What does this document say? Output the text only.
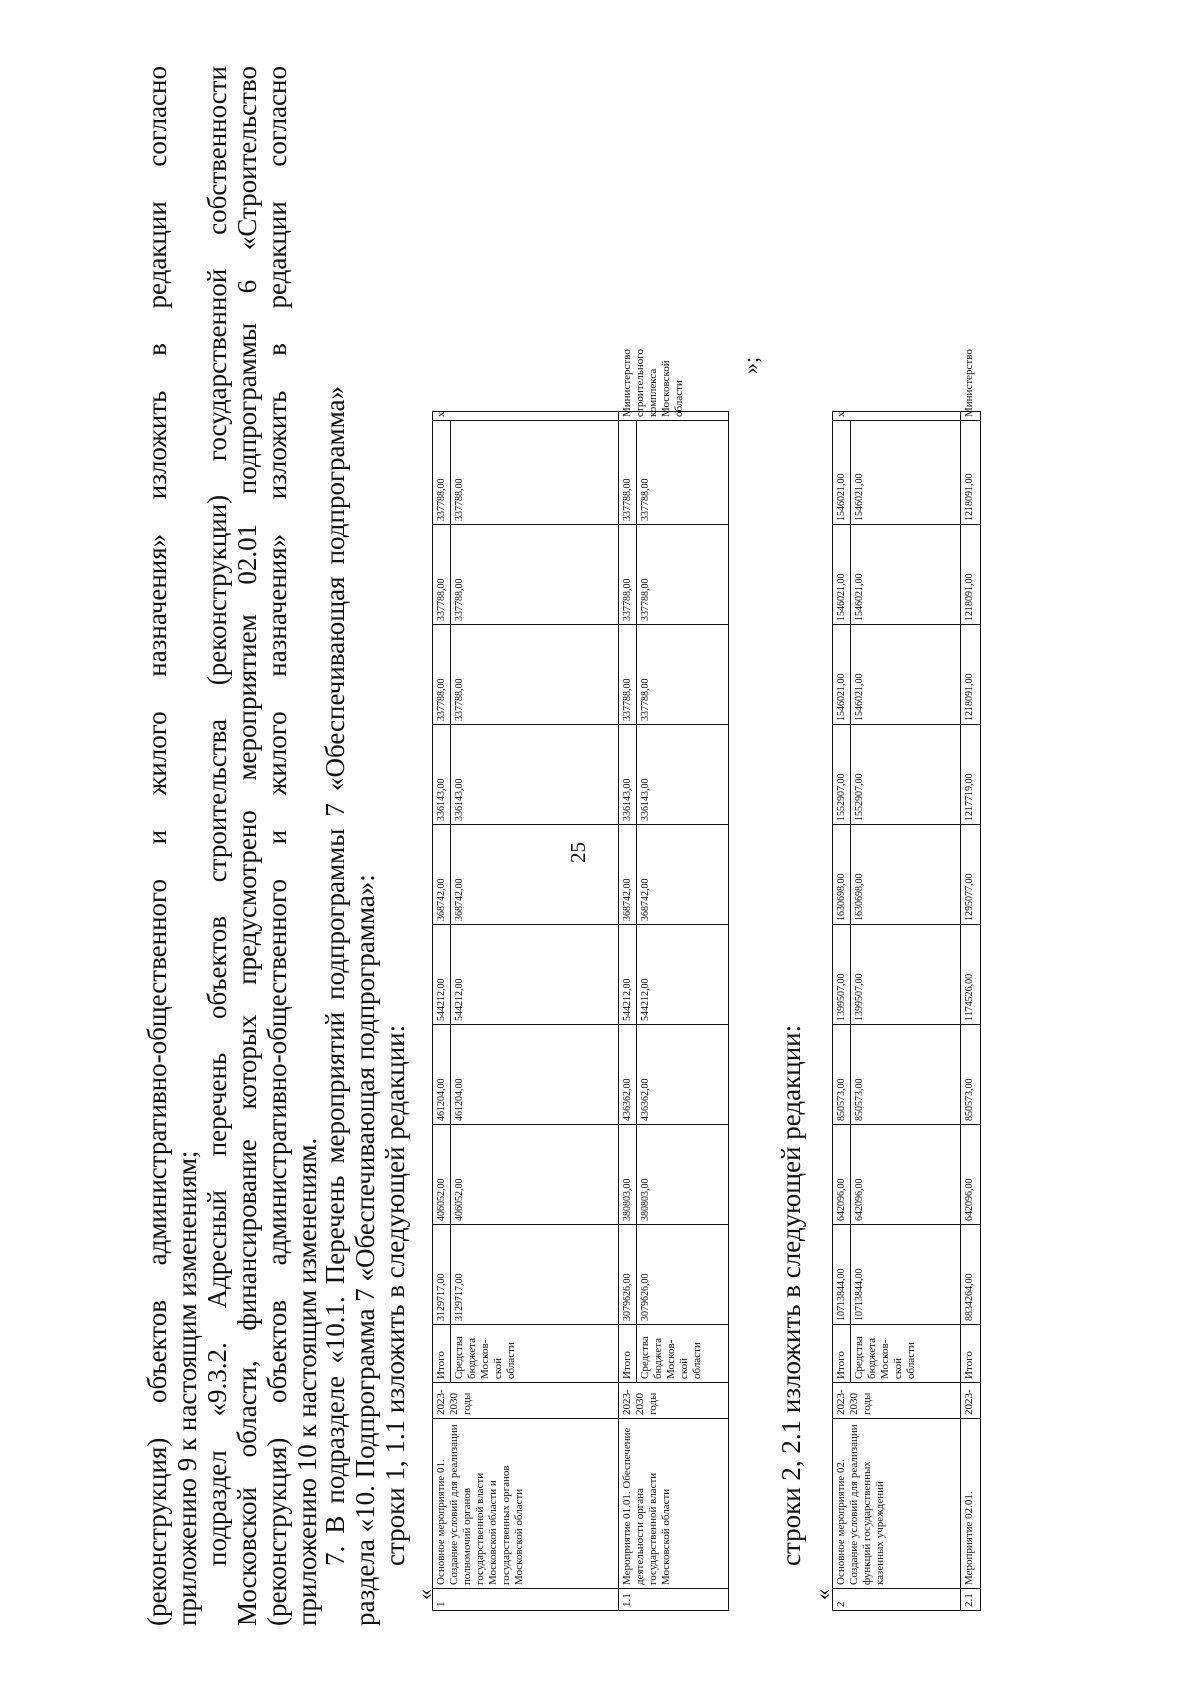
25
(реконструкция) объектов административно-общественного и жилого назначения» изложить в редакции согласно приложению 9 к настоящим изменениям; подраздел «9.3.2. Адресный перечень объектов строительства (реконструкции) государственной собственности Московской области, финансирование которых предусмотрено мероприятием 02.01 подпрограммы 6 «Строительство (реконструкция) объектов административно-общественного и жилого назначения» изложить в редакции согласно приложению 10 к настоящим изменениям.
7. В подразделе «10.1. Перечень мероприятий подпрограммы 7 «Обеспечивающая подпрограмма» раздела «10. Подпрограмма 7 «Обеспечивающая подпрограмма»: строки 1, 1.1 изложить в следующей редакции:
«
1	Основное мероприятие 01. Создание условий для реализации полномочий органов государственной власти Московской области и государственных органов Московской области	2023-2030 годы	Итого	3129717,00	406052,00	461204,00	544212,00	368742,00	336143,00	337788,00	337788,00	337788,00	х
			Средства бюджета Москов-ской области	3129717,00	406052,00	461204,00	544212,00	368742,00	336143,00	337788,00	337788,00	337788,00	
1.1	Мероприятие 01.01. Обеспечение деятельности органа государственной власти Московской области	2023-2030 годы	Итого	3079626,00	380803,00	436362,00	544212,00	368742,00	336143,00	337788,00	337788,00	337788,00	Министерство строительного комплекса Московской области
			Средства бюджета Москов-ской области	3079626,00	380803,00	436362,00	544212,00	368742,00	336143,00	337788,00	337788,00	337788,00	
»;
строки 2, 2.1 изложить в следующей редакции:
«
2	Основное мероприятие 02. Создание условий для реализации функций государственных казенных учреждений	2023-2030 годы	Итого	10713844,00	642096,00	850573,00	1399507,00	1630698,00	1552907,00	1546021,00	1546021,00	1546021,00	х
			Средства бюджета Москов-ской области	10713844,00	642096,00	850573,00	1399507,00	1630698,00	1552907,00	1546021,00	1546021,00	1546021,00	
2.1	Мероприятие 02.01.	2023-	Итого	8834264,00	642096,00	850573,00	1174526,00	1295077,00	1217719,00	1218091,00	1218091,00	1218091,00	Министерство
